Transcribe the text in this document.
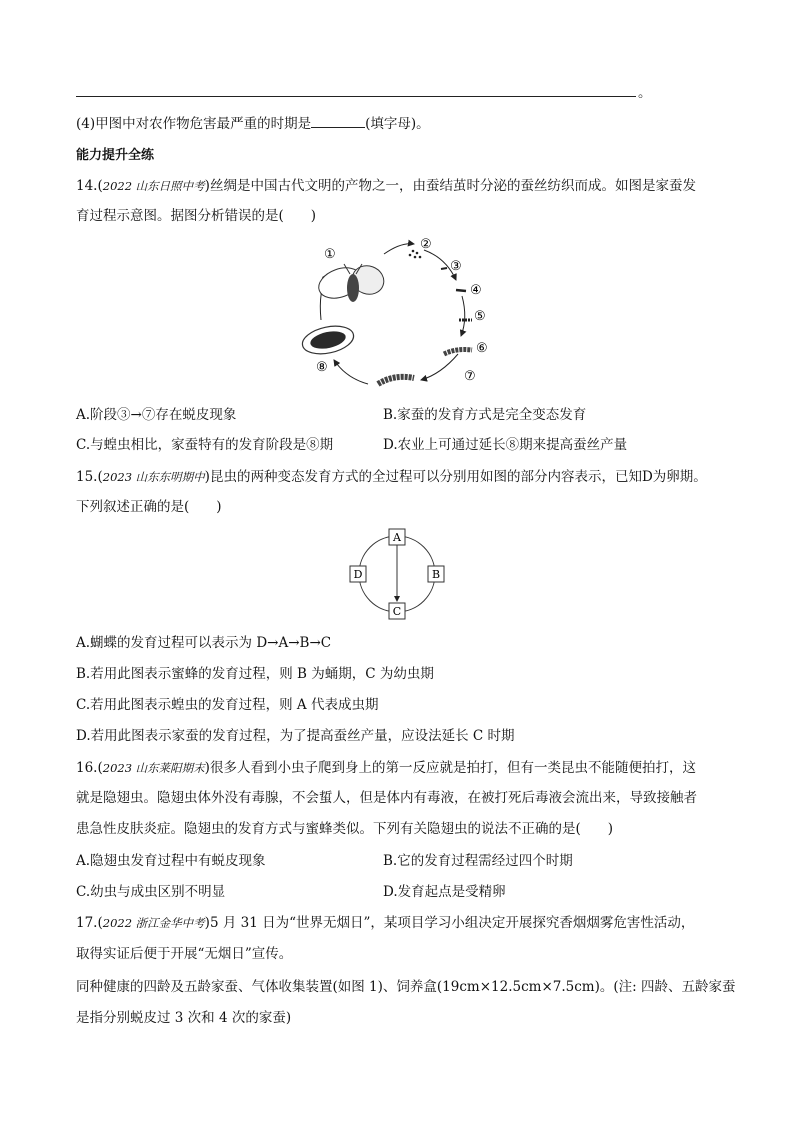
。
(4)甲图中对农作物危害最严重的时期是	(填字母)。
能力提升全练
14.(2022 山东日照中考)丝绸是中国古代文明的产物之一，由蚕结茧时分泌的蚕丝纺织而成。如图是家蚕发
育过程示意图。据图分析错误的是(　　)
①
②
③
④
⑤
⑥
⑦
⑧
A.阶段③→⑦存在蜕皮现象	B.家蚕的发育方式是完全变态发育
C.与蝗虫相比，家蚕特有的发育阶段是⑧期	D.农业上可通过延长⑧期来提高蚕丝产量
15.(2023 山东东明期中)昆虫的两种变态发育方式的全过程可以分别用如图的部分内容表示，已知D为卵期。
下列叙述正确的是(　　)
A
B
C
D
A.蝴蝶的发育过程可以表示为 D→A→B→C
B.若用此图表示蜜蜂的发育过程，则 B 为蛹期，C 为幼虫期
C.若用此图表示蝗虫的发育过程，则 A 代表成虫期
D.若用此图表示家蚕的发育过程，为了提高蚕丝产量，应设法延长 C 时期
16.(2023 山东莱阳期末)很多人看到小虫子爬到身上的第一反应就是拍打，但有一类昆虫不能随便拍打，这
就是隐翅虫。隐翅虫体外没有毒腺，不会蜇人，但是体内有毒液，在被打死后毒液会流出来，导致接触者
患急性皮肤炎症。隐翅虫的发育方式与蜜蜂类似。下列有关隐翅虫的说法不正确的是(　　)
A.隐翅虫发育过程中有蜕皮现象	B.它的发育过程需经过四个时期
C.幼虫与成虫区别不明显	D.发育起点是受精卵
17.(2022 浙江金华中考)5 月 31 日为“世界无烟日”，某项目学习小组决定开展探究香烟烟雾危害性活动，
取得实证后便于开展“无烟日”宣传。
同种健康的四龄及五龄家蚕、气体收集装置(如图 1)、饲养盒(19cm×12.5cm×7.5cm)。(注: 四龄、五龄家蚕
是指分别蜕皮过 3 次和 4 次的家蚕)
